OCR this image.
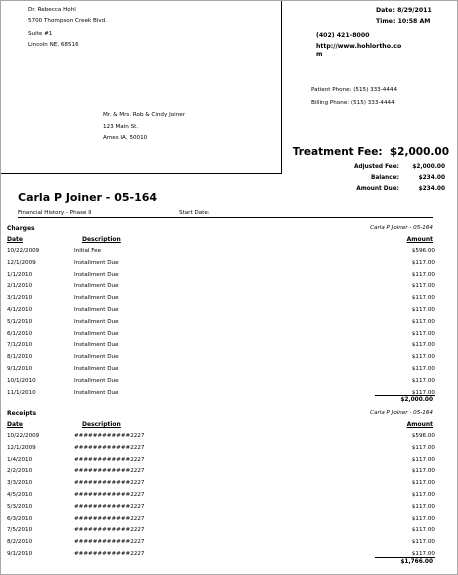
Dr. Rebecca Hohl
5700 Thompson Creek Blvd.
Suite #1
Lincoln NE, 68516
Mr. & Mrs. Rob & Cindy Joiner
123 Main St.
Ames IA, 50010
Date: 8/29/2011
Time: 10:58 AM
(402) 421-8000
http://www.hohlortho.co
m
Patient Phone: (515) 333-4444
Billing Phone: (515) 333-4444
Treatment Fee: $2,000.00
Adjusted Fee: $2,000.00
Balance:	$234.00
Amount Due:	$234.00
Carla P Joiner - 05-164
Financial History - Phase II	Start Date:
Charges	Carla P Joiner - 05-164
Date	Description	Amount
10/22/2009	Initial Fee	$596.00
12/1/2009	Installment Due	$117.00
1/1/2010	Installment Due	$117.00
2/1/2010	Installment Due	$117.00
3/1/2010	Installment Due	$117.00
4/1/2010	Installment Due	$117.00
5/1/2010	Installment Due	$117.00
6/1/2010	Installment Due	$117.00
7/1/2010	Installment Due	$117.00
8/1/2010	Installment Due	$117.00
9/1/2010	Installment Due	$117.00
10/1/2010	Installment Due	$117.00
11/1/2010	Installment Due	$117.00
$2,000.00
Receipts	Carla P Joiner - 05-164
Date	Description	Amount
10/22/2009	############2227	$596.00
12/1/2009	############2227	$117.00
1/4/2010	############2227	$117.00
2/2/2010	############2227	$117.00
3/3/2010	############2227	$117.00
4/5/2010	############2227	$117.00
5/3/2010	############2227	$117.00
6/3/2010	############2227	$117.00
7/5/2010	############2227	$117.00
8/2/2010	############2227	$117.00
9/1/2010	############2227	$117.00
$1,766.00
